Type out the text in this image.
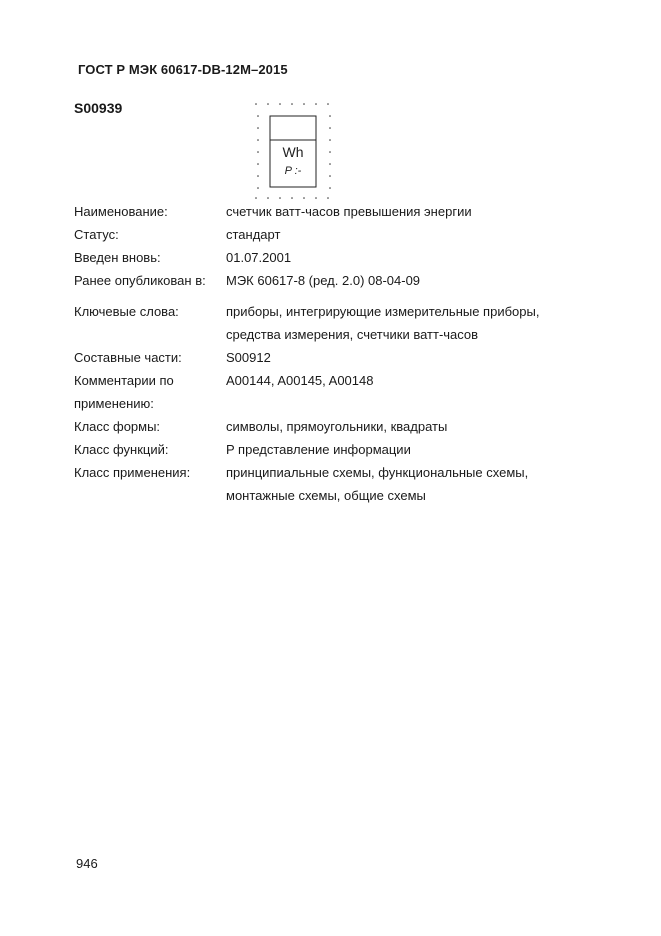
ГОСТ Р МЭК 60617-DB-12M–2015
S00939
Wh
P :-
Наименование:	счетчик ватт-часов превышения энергии
Статус:	стандарт
Введен вновь:	01.07.2001
Ранее опубликован в:	МЭК 60617-8 (ред. 2.0) 08-04-09
Ключевые слова:	приборы, интегрирующие измерительные приборы,
средства измерения, счетчики ватт-часов
Составные части:	S00912
Комментарии по
применению:
A00144, A00145, A00148
Класс формы:	символы, прямоугольники, квадраты
Класс функций:	P представление информации
Класс применения:	принципиальные схемы, функциональные схемы,
монтажные схемы, общие схемы
946
